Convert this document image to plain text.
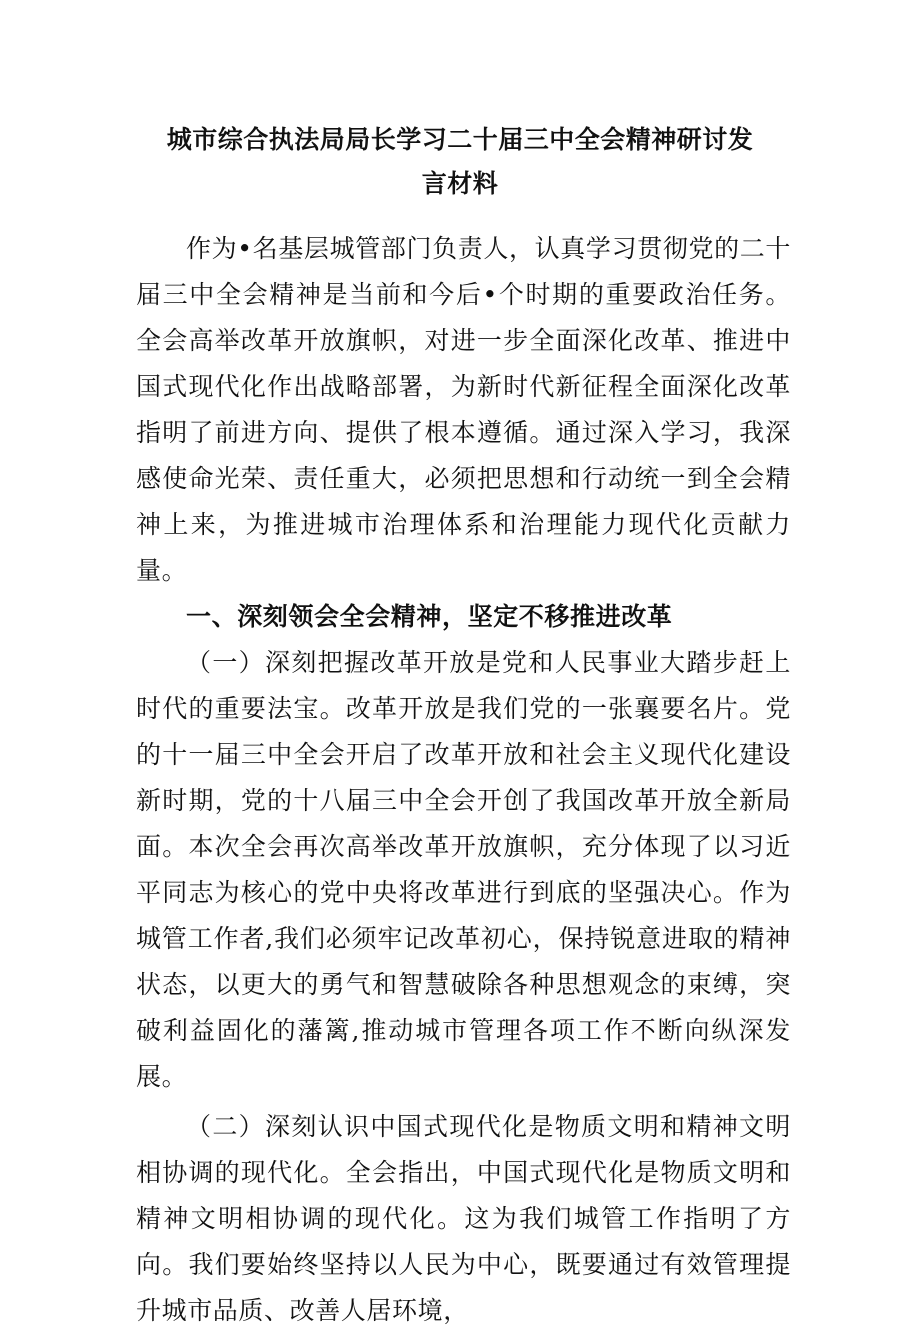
城市综合执法局局长学习二十届三中全会精神研讨发
言材料

作为•名基层城管部门负责人，认真学习贯彻党的二十届三中全会精神是当前和今后•个时期的重要政治任务。全会高举改革开放旗帜，对进一步全面深化改革、推进中国式现代化作出战略部署，为新时代新征程全面深化改革指明了前进方向、提供了根本遵循。通过深入学习，我深感使命光荣、责任重大，必须把思想和行动统一到全会精神上来，为推进城市治理体系和治理能力现代化贡献力量。

一、深刻领会全会精神，坚定不移推进改革

（一）深刻把握改革开放是党和人民事业大踏步赶上时代的重要法宝。改革开放是我们党的一张襄要名片。党的十一届三中全会开启了改革开放和社会主义现代化建设新时期，党的十八届三中全会开创了我国改革开放全新局面。本次全会再次高举改革开放旗帜，充分体现了以习近平同志为核心的党中央将改革进行到底的坚强决心。作为城管工作者,我们必须牢记改革初心，保持锐意进取的精神状态，以更大的勇气和智慧破除各种思想观念的束缚，突破利益固化的藩篱,推动城市管理各项工作不断向纵深发展。

（二）深刻认识中国式现代化是物质文明和精神文明相协调的现代化。全会指出，中国式现代化是物质文明和精神文明相协调的现代化。这为我们城管工作指明了方向。我们要始终坚持以人民为中心，既要通过有效管理提升城市品质、改善人居环境，
